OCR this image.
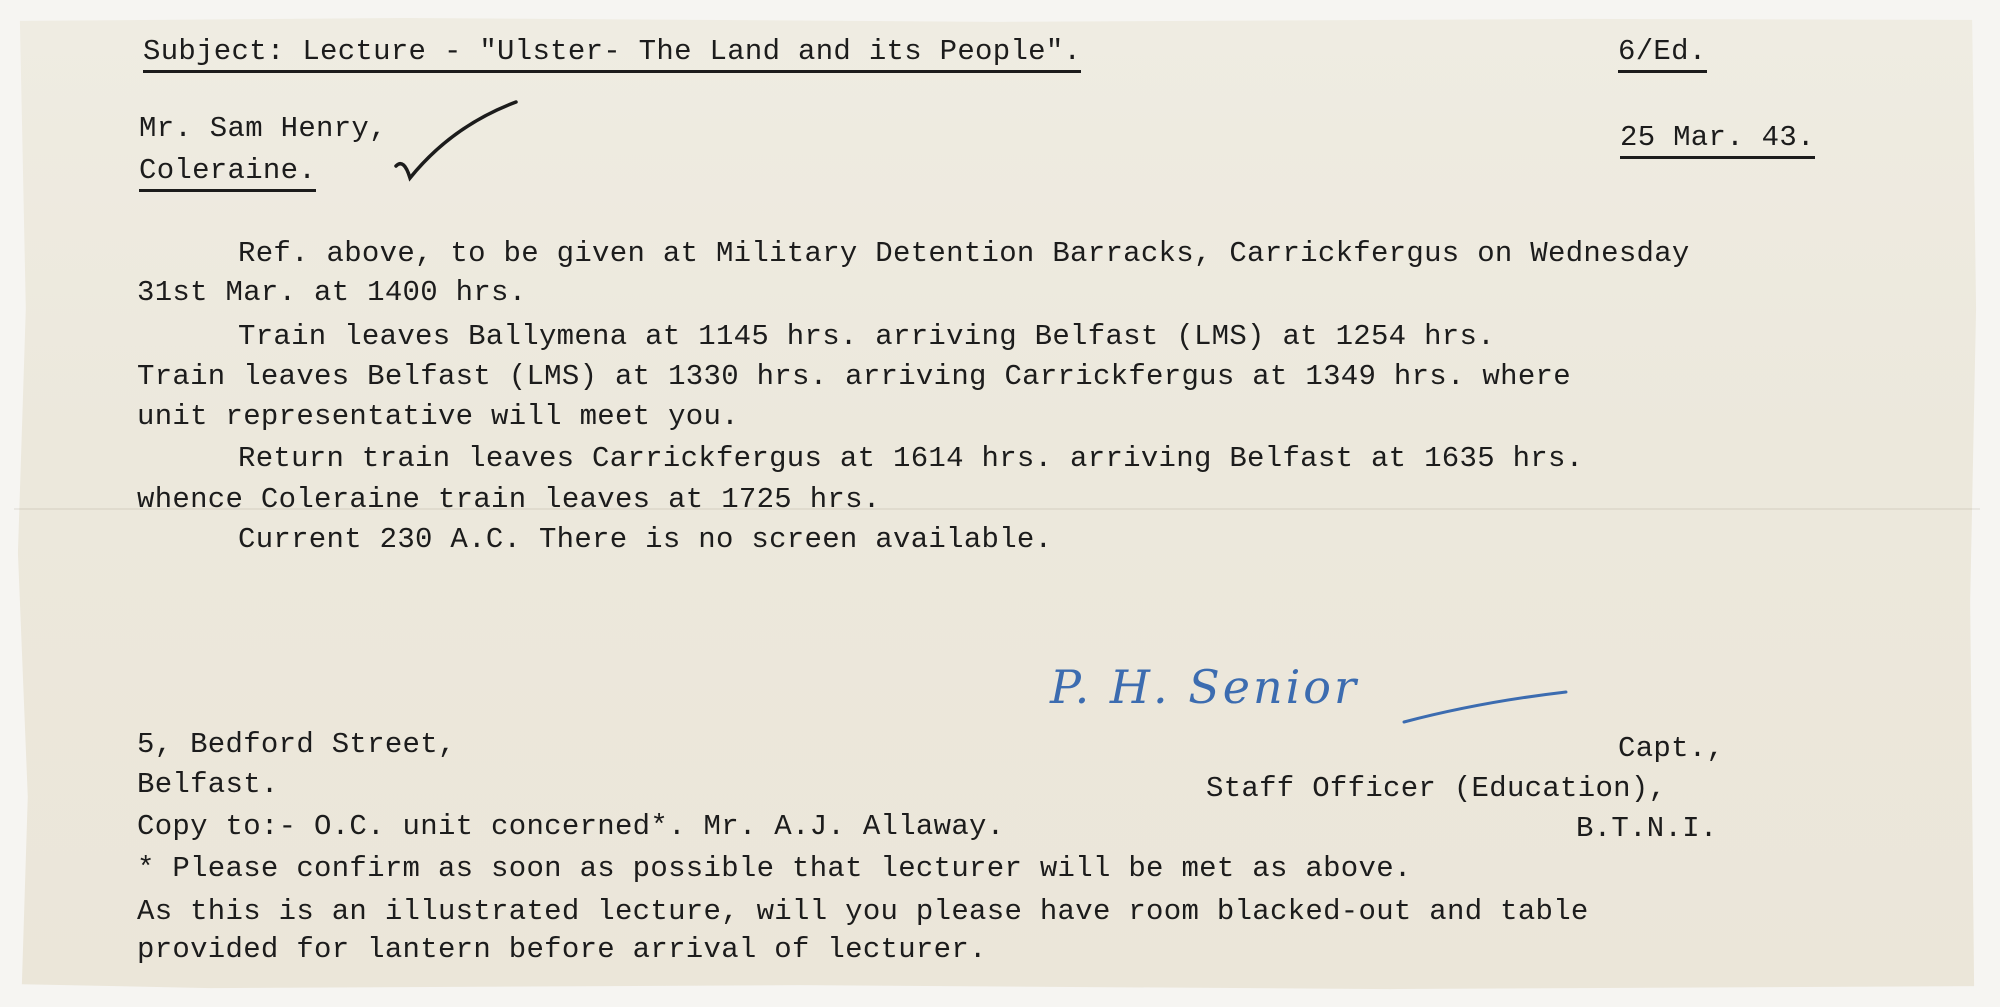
Subject: Lecture - "Ulster- The Land and its People".	6/Ed.
Mr. Sam Henry,
Coleraine.
25 Mar. 43.
Ref. above, to be given at Military Detention Barracks, Carrickfergus on Wednesday
31st Mar. at 1400 hrs.
Train leaves Ballymena at 1145 hrs. arriving Belfast (LMS) at 1254 hrs.
Train leaves Belfast (LMS) at 1330 hrs. arriving Carrickfergus at 1349 hrs. where
unit representative will meet you.
Return train leaves Carrickfergus at 1614 hrs. arriving Belfast at 1635 hrs.
whence Coleraine train leaves at 1725 hrs.
Current 230 A.C. There is no screen available.
P. H. Senior
5, Bedford Street,	Capt.,
Belfast.	Staff Officer (Education),
Copy to:- O.C. unit concerned*. Mr. A.J. Allaway.	B.T.N.I.
* Please confirm as soon as possible that lecturer will be met as above.
As this is an illustrated lecture, will you please have room blacked-out and table
provided for lantern before arrival of lecturer.
